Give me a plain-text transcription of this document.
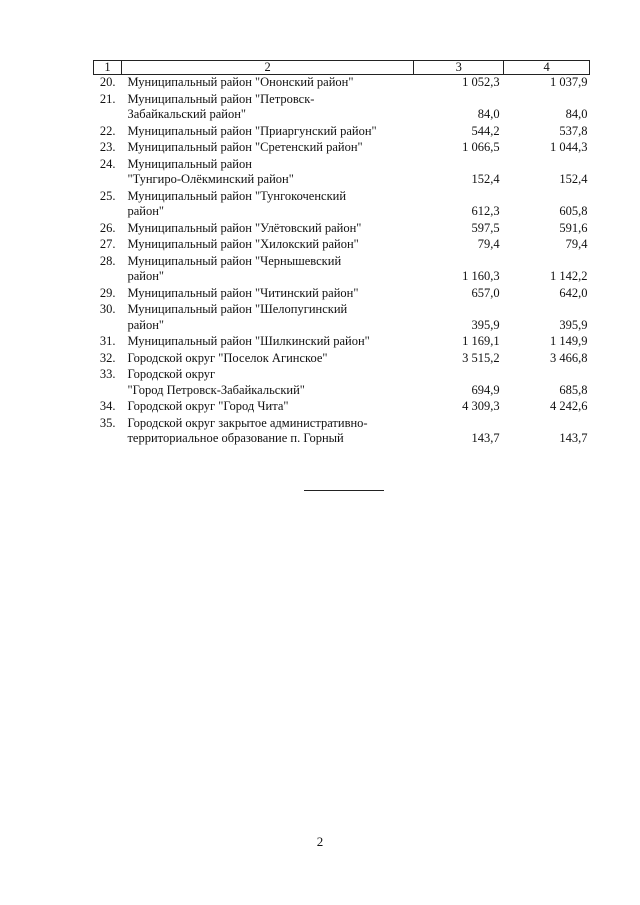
1	2	3	4
20.	Муниципальный район "Ононский район"	1 052,3	1 037,9
21.	Муниципальный район "Петровск-
Забайкальский район"	84,0	84,0
22.	Муниципальный район "Приаргунский район"	544,2	537,8
23.	Муниципальный район "Сретенский район"	1 066,5	1 044,3
24.	Муниципальный район
"Тунгиро-Олёкминский район"	152,4	152,4
25.	Муниципальный район "Тунгокоченский
район"	612,3	605,8
26.	Муниципальный район "Улётовский район"	597,5	591,6
27.	Муниципальный район "Хилокский район"	79,4	79,4
28.	Муниципальный район "Чернышевский
район"	1 160,3	1 142,2
29.	Муниципальный район "Читинский район"	657,0	642,0
30.	Муниципальный район "Шелопугинский
район"	395,9	395,9
31.	Муниципальный район "Шилкинский район"	1 169,1	1 149,9
32.	Городской округ "Поселок Агинское"	3 515,2	3 466,8
33.	Городской округ
"Город Петровск-Забайкальский"	694,9	685,8
34.	Городской округ "Город Чита"	4 309,3	4 242,6
35.	Городской округ закрытое административно-
территориальное образование п. Горный	143,7	143,7
2
